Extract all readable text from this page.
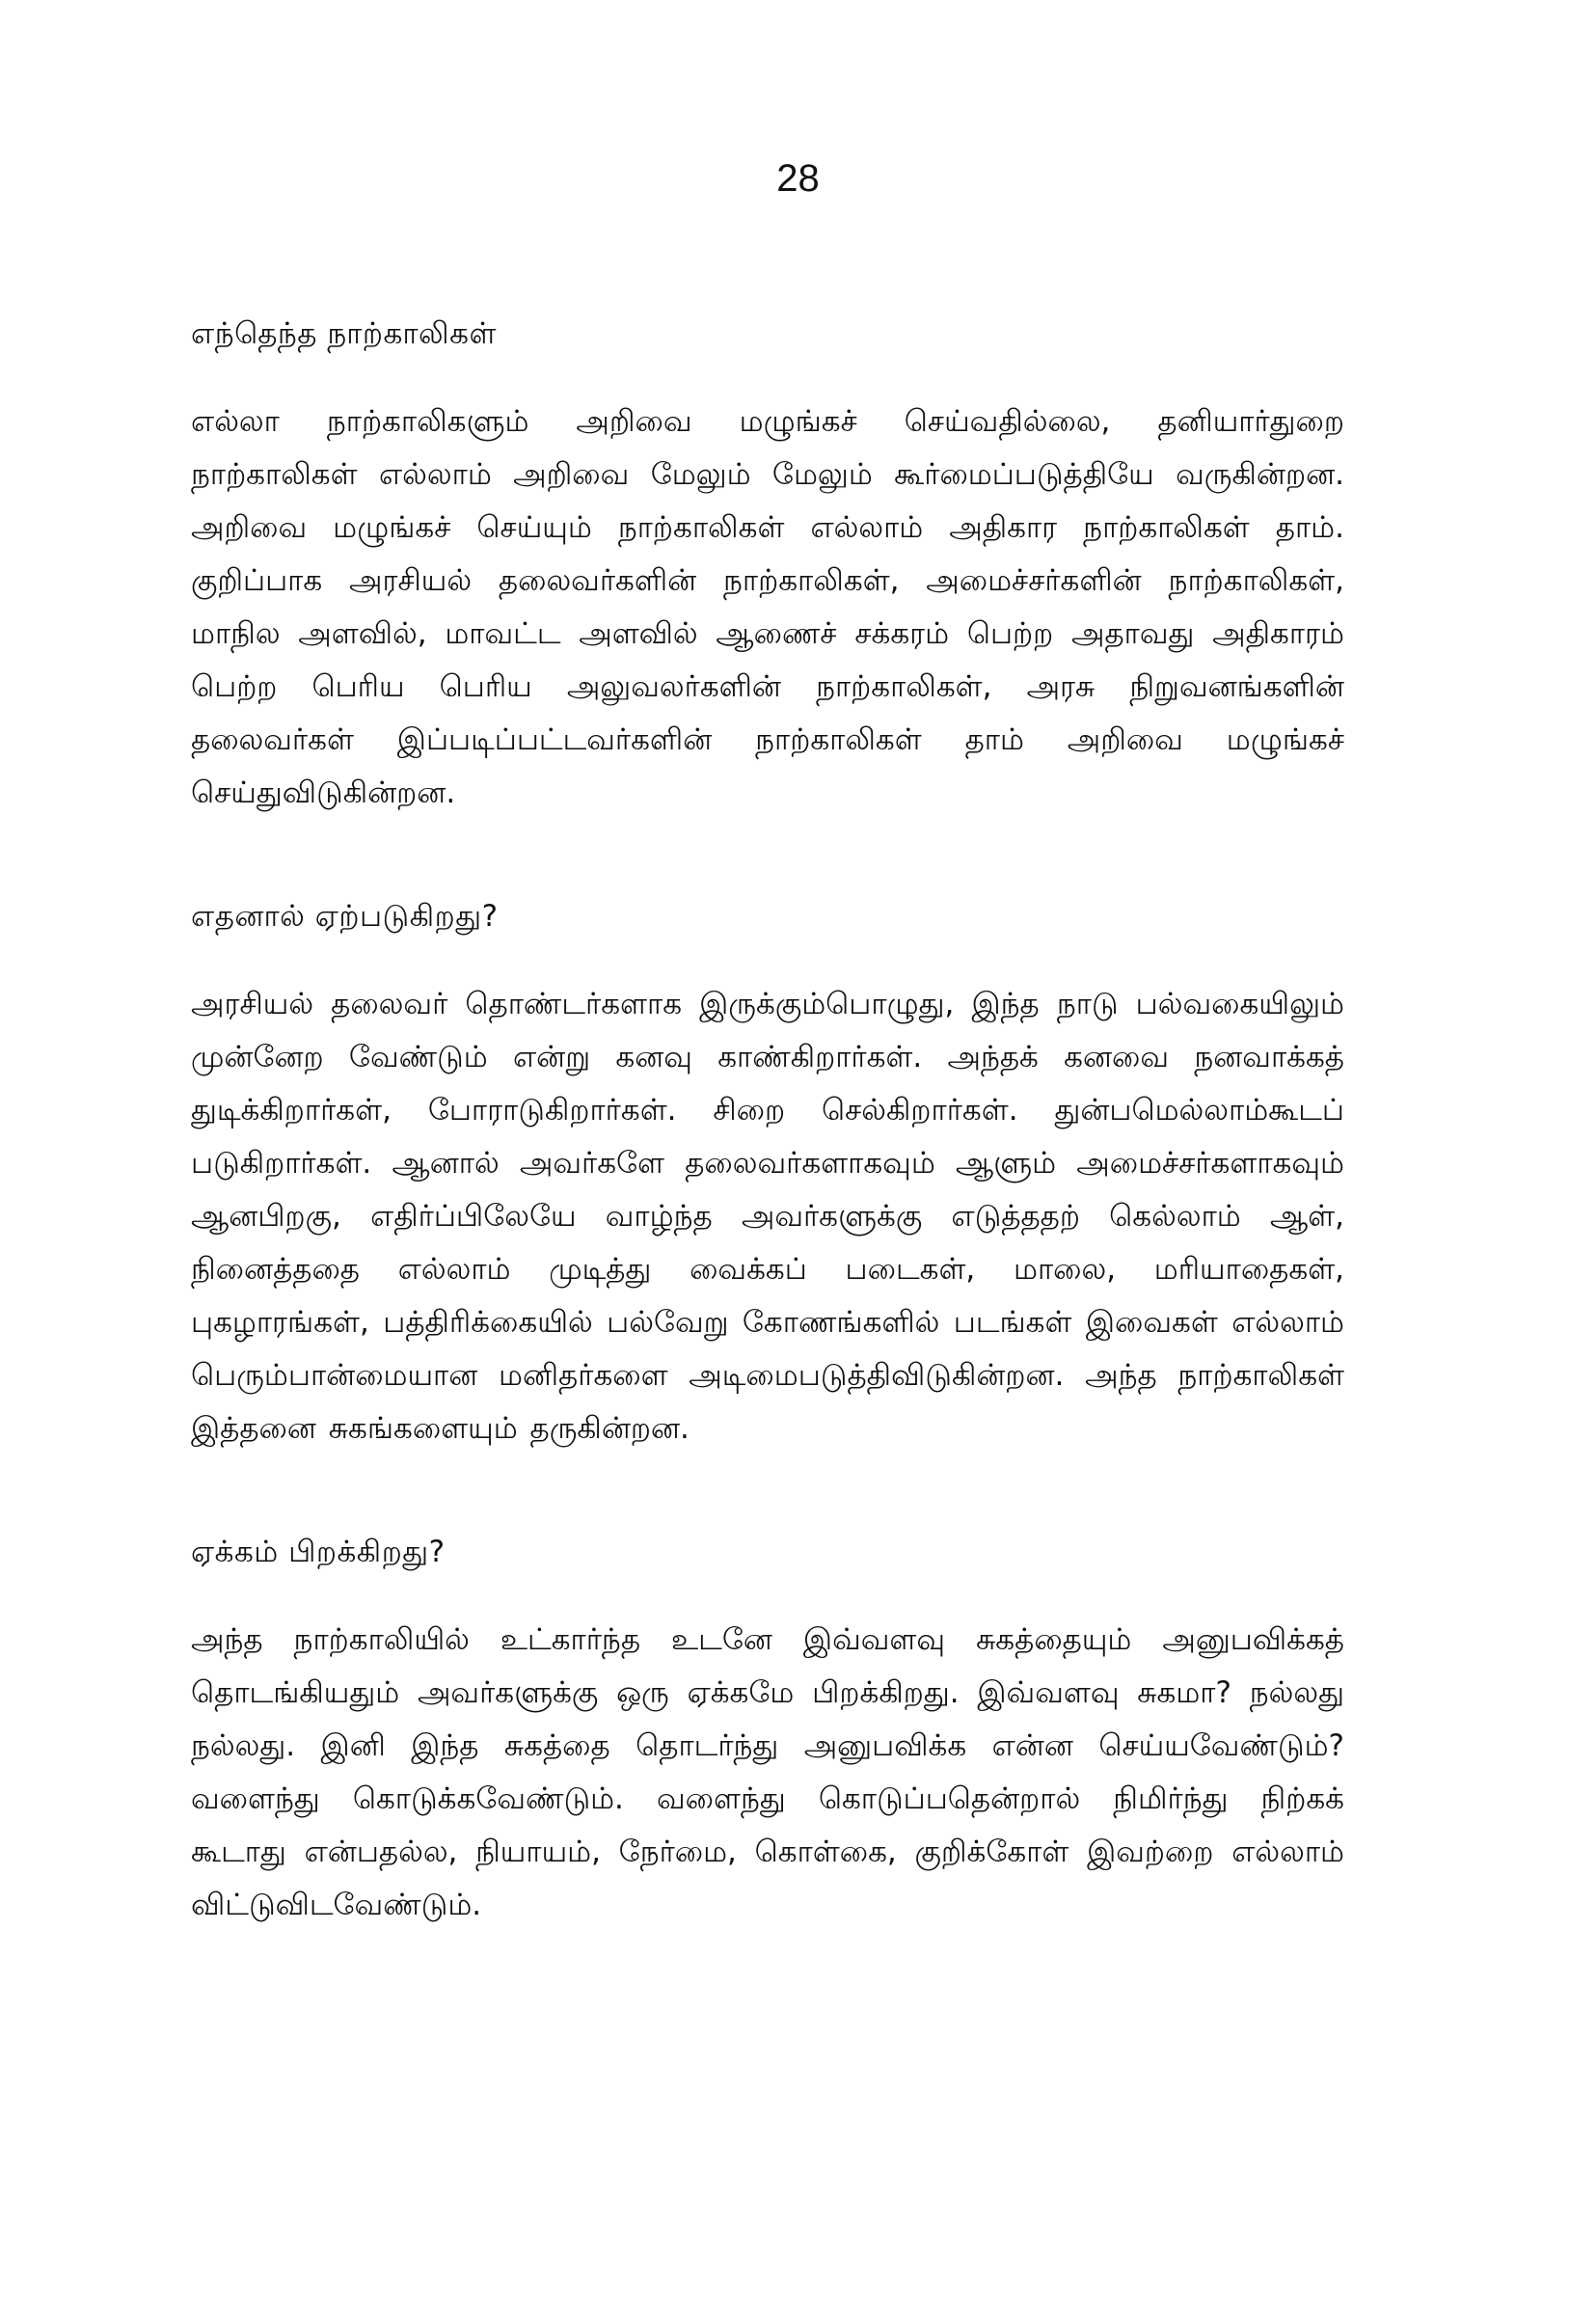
28
எந்தெந்த நாற்காலிகள்

எல்லா நாற்காலிகளும் அறிவை மழுங்கச் செய்வதில்லை, தனியார்துறை நாற்காலிகள் எல்லாம் அறிவை மேலும் மேலும் கூர்மைப்படுத்தியே வருகின்றன. அறிவை மழுங்கச் செய்யும் நாற்காலிகள் எல்லாம் அதிகார நாற்காலிகள் தாம். குறிப்பாக அரசியல் தலைவர்களின் நாற்காலிகள், அமைச்சர்களின் நாற்காலிகள், மாநில அளவில், மாவட்ட அளவில் ஆணைச் சக்கரம் பெற்ற அதாவது அதிகாரம் பெற்ற பெரிய பெரிய அலுவலர்களின் நாற்காலிகள், அரசு நிறுவனங்களின் தலைவர்கள் இப்படிப்பட்டவர்களின் நாற்காலிகள் தாம் அறிவை மழுங்கச் செய்துவிடுகின்றன.

எதனால் ஏற்படுகிறது?

அரசியல் தலைவர் தொண்டர்களாக இருக்கும்பொழுது, இந்த நாடு பல்வகையிலும் முன்னேற வேண்டும் என்று கனவு காண்கிறார்கள். அந்தக் கனவை நனவாக்கத் துடிக்கிறார்கள், போராடுகிறார்கள். சிறை செல்கிறார்கள். துன்பமெல்லாம்கூடப் படுகிறார்கள். ஆனால் அவர்களே தலைவர்களாகவும் ஆளும் அமைச்சர்களாகவும் ஆனபிறகு, எதிர்ப்பிலேயே வாழ்ந்த அவர்களுக்கு எடுத்ததற் கெல்லாம் ஆள், நினைத்ததை எல்லாம் முடித்து வைக்கப் படைகள், மாலை, மரியாதைகள், புகழாரங்கள், பத்திரிக்கையில் பல்வேறு கோணங்களில் படங்கள் இவைகள் எல்லாம் பெரும்பான்மையான மனிதர்களை அடிமைபடுத்திவிடுகின்றன. அந்த நாற்காலிகள் இத்தனை சுகங்களையும் தருகின்றன.

ஏக்கம் பிறக்கிறது?

அந்த நாற்காலியில் உட்கார்ந்த உடனே இவ்வளவு சுகத்தையும் அனுபவிக்கத் தொடங்கியதும் அவர்களுக்கு ஒரு ஏக்கமே பிறக்கிறது. இவ்வளவு சுகமா? நல்லது நல்லது. இனி இந்த சுகத்தை தொடர்ந்து அனுபவிக்க என்ன செய்யவேண்டும்? வளைந்து கொடுக்கவேண்டும். வளைந்து கொடுப்பதென்றால் நிமிர்ந்து நிற்கக் கூடாது என்பதல்ல, நியாயம், நேர்மை, கொள்கை, குறிக்கோள் இவற்றை எல்லாம் விட்டுவிடவேண்டும்.
